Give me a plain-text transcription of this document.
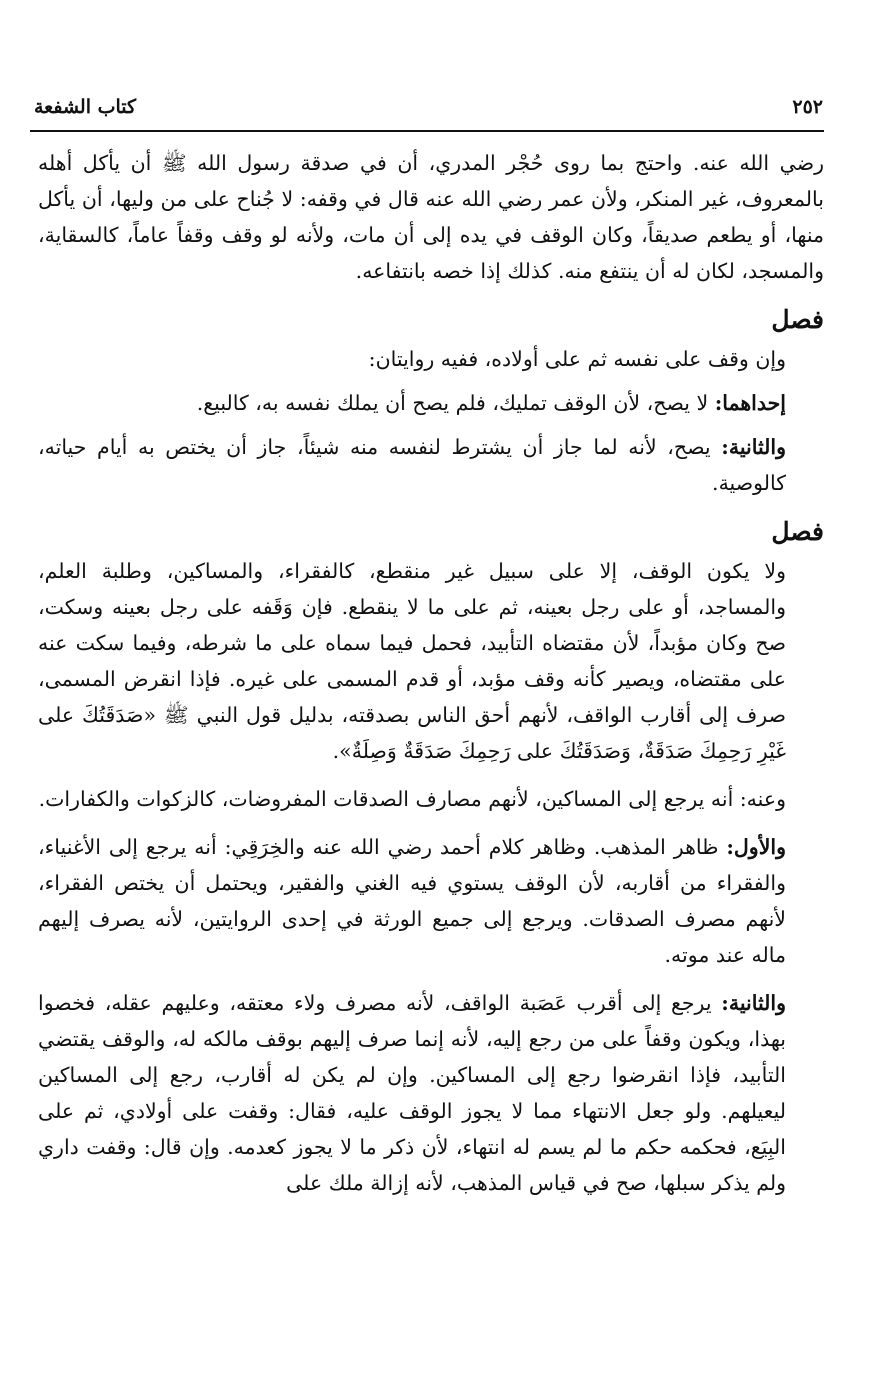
٢٥٢
كتاب الشفعة

رضي الله عنه. واحتج بما روى حُجْر المدري، أن في صدقة رسول الله ﷺ أن يأكل أهله بالمعروف، غير المنكر، ولأن عمر رضي الله عنه قال في وقفه: لا جُناح على من وليها، أن يأكل منها، أو يطعم صديقاً، وكان الوقف في يده إلى أن مات، ولأنه لو وقف وقفاً عاماً، كالسقاية، والمسجد، لكان له أن ينتفع منه. كذلك إذا خصه بانتفاعه.

فصل

وإن وقف على نفسه ثم على أولاده، ففيه روايتان:

إحداهما: لا يصح، لأن الوقف تمليك، فلم يصح أن يملك نفسه به، كالبيع.

والثانية: يصح، لأنه لما جاز أن يشترط لنفسه منه شيئاً، جاز أن يختص به أيام حياته، كالوصية.

فصل

ولا يكون الوقف، إلا على سبيل غير منقطع، كالفقراء، والمساكين، وطلبة العلم، والمساجد، أو على رجل بعينه، ثم على ما لا ينقطع. فإن وَقَفه على رجل بعينه وسكت، صح وكان مؤبداً، لأن مقتضاه التأبيد، فحمل فيما سماه على ما شرطه، وفيما سكت عنه على مقتضاه، ويصير كأنه وقف مؤبد، أو قدم المسمى على غيره. فإذا انقرض المسمى، صرف إلى أقارب الواقف، لأنهم أحق الناس بصدقته، بدليل قول النبي ﷺ «صَدَقَتُكَ على غَيْرِ رَحِمِكَ صَدَقَةٌ، وَصَدَقَتُكَ على رَحِمِكَ صَدَقَةٌ وَصِلَةٌ».

وعنه: أنه يرجع إلى المساكين، لأنهم مصارف الصدقات المفروضات، كالزكوات والكفارات.

والأول: ظاهر المذهب. وظاهر كلام أحمد رضي الله عنه والخِرَقِي: أنه يرجع إلى الأغنياء، والفقراء من أقاربه، لأن الوقف يستوي فيه الغني والفقير، ويحتمل أن يختص الفقراء، لأنهم مصرف الصدقات. ويرجع إلى جميع الورثة في إحدى الروايتين، لأنه يصرف إليهم ماله عند موته.

والثانية: يرجع إلى أقرب عَصَبة الواقف، لأنه مصرف ولاء معتقه، وعليهم عقله، فخصوا بهذا، ويكون وقفاً على من رجع إليه، لأنه إنما صرف إليهم بوقف مالكه له، والوقف يقتضي التأبيد، فإذا انقرضوا رجع إلى المساكين. وإن لم يكن له أقارب، رجع إلى المساكين ليعيلهم. ولو جعل الانتهاء مما لا يجوز الوقف عليه، فقال: وقفت على أولادي، ثم على البِيَع، فحكمه حكم ما لم يسم له انتهاء، لأن ذكر ما لا يجوز كعدمه. وإن قال: وقفت داري ولم يذكر سبلها، صح في قياس المذهب، لأنه إزالة ملك على
